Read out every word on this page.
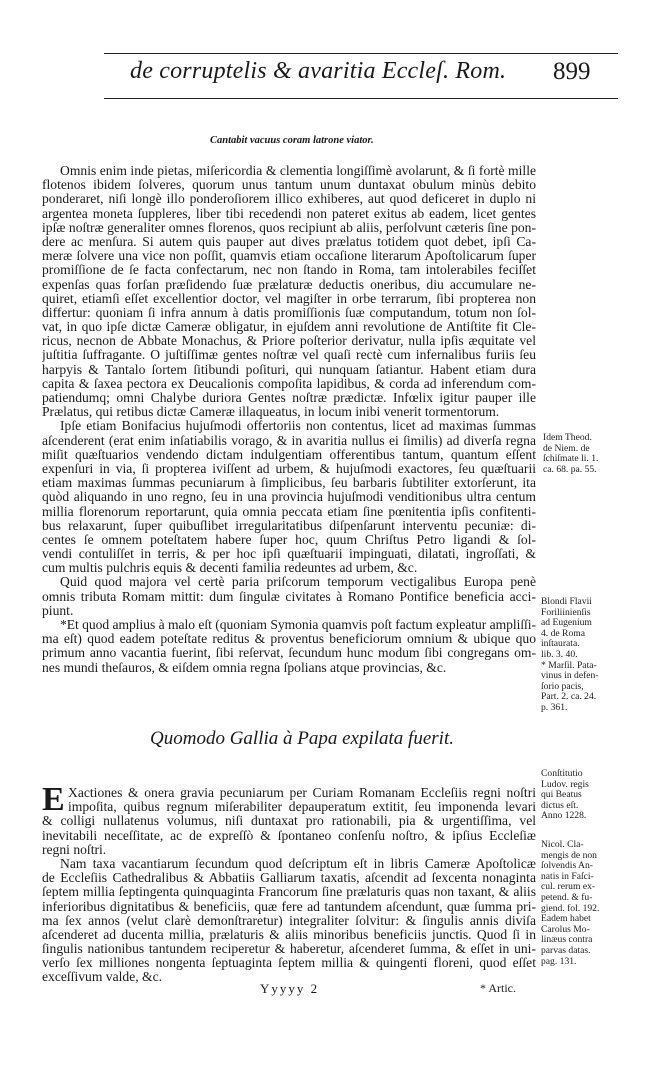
de corruptelis & avaritia Eccleſ. Rom. 899
Cantabit vacuus coram latrone viator.
Omnis enim inde pietas, miſericordia & clementia longiſſimè avolarunt, & ſi fortè mille
flotenos ibidem ſolveres, quorum unus tantum unum duntaxat obulum minùs debito
ponderaret, niſi longè illo ponderoſiorem illico exhiberes, aut quod deficeret in duplo ni
argentea moneta ſuppleres, liber tibi recedendi non pateret exitus ab eadem, licet gentes
ipſæ noſtræ generaliter omnes florenos, quos recipiunt ab aliis, perſolvunt cæteris ſine pon-
dere ac menſura. Si autem quis pauper aut dives prælatus totidem quot debet, ipſi Ca-
meræ ſolvere una vice non poſſit, quamvis etiam occaſione literarum Apoſtolicarum ſuper
promiſſione de ſe facta confectarum, nec non ſtando in Roma, tam intolerabiles feciſſet
expenſas quas forſan præſidendo ſuæ prælaturæ deductis oneribus, diu accumulare ne-
quiret, etiamſi eſſet excellentior doctor, vel magiſter in orbe terrarum, ſibi propterea non
differtur: quoniam ſi infra annum à datis promiſſionis ſuæ computandum, totum non ſol-
vat, in quo ipſe dictæ Cameræ obligatur, in ejuſdem anni revolutione de Antiſtite fit Cle-
ricus, necnon de Abbate Monachus, & Priore poſterior derivatur, nulla ipſis æquitate vel
juſtitia ſuffragante. O juſtiſſimæ gentes noſtræ vel quaſi rectè cum infernalibus furiis ſeu
harpyis & Tantalo ſortem ſitibundi poſituri, qui nunquam ſatiantur. Habent etiam dura
capita & ſaxea pectora ex Deucalionis compoſita lapidibus, & corda ad inferendum com-
patiendumq; omni Chalybe duriora Gentes noſtræ prædictæ. Infœlix igitur pauper ille
Prælatus, qui retibus dictæ Cameræ illaqueatus, in locum inibi venerit tormentorum.
Ipſe etiam Bonifacius hujuſmodi offertoriis non contentus, licet ad maximas ſummas
aſcenderent (erat enim inſatiabilis vorago, & in avaritia nullus ei ſimilis) ad diverſa regna
miſit quæſtuarios vendendo dictam indulgentiam offerentibus tantum, quantum eſſent
expenſuri in via, ſi propterea iviſſent ad urbem, & hujuſmodi exactores, ſeu quæſtuarii
etiam maximas ſummas pecuniarum à ſimplicibus, ſeu barbaris ſubtiliter extorſerunt, ita
quòd aliquando in uno regno, ſeu in una provincia hujuſmodi venditionibus ultra centum
millia florenorum reportarunt, quia omnia peccata etiam ſine pœnitentia ipſis confitenti-
bus relaxarunt, ſuper quibuſlibet irregularitatibus diſpenſarunt interventu pecuniæ: di-
centes ſe omnem poteſtatem habere ſuper hoc, quum Chriſtus Petro ligandi & ſol-
vendi contuliſſet in terris, & per hoc ipſi quæſtuarii impinguati, dilatati, ingroſſati, &
cum multis pulchris equis & decenti familia redeuntes ad urbem, &c.
Quid quod majora vel certè paria priſcorum temporum vectigalibus Europa penè
omnis tributa Romam mittit: dum ſingulæ civitates à Romano Pontifice beneficia acci-
piunt.
*Et quod amplius à malo eſt (quoniam Symonia quamvis poſt factum expleatur ampliſſi-
ma eſt) quod eadem poteſtate reditus & proventus beneficiorum omnium & ubique quo
primum anno vacantia fuerint, ſibi reſervat, ſecundum hunc modum ſibi congregans om-
nes mundi theſauros, & eiſdem omnia regna ſpolians atque provincias, &c.
Quomodo Gallia à Papa expilata fuerit.
E Xactiones & onera gravia pecuniarum per Curiam Romanam Eccleſiis regni noſtri
impoſita, quibus regnum miſerabiliter depauperatum extitit, ſeu imponenda levari
& colligi nullatenus volumus, niſi duntaxat pro rationabili, pia & urgentiſſima, vel
inevitabili neceſſitate, ac de expreſſò & ſpontaneo conſenſu noſtro, & ipſius Eccleſiæ
regni noſtri.
Nam taxa vacantiarum ſecundum quod deſcriptum eſt in libris Cameræ Apoſtolicæ
de Eccleſiis Cathedralibus & Abbatiis Galliarum taxatis, aſcendit ad ſexcenta nonaginta
ſeptem millia ſeptingenta quinquaginta Francorum ſine prælaturis quas non taxant, & aliis
inferioribus dignitatibus & beneficiis, quæ fere ad tantundem aſcendunt, quæ ſumma pri-
ma ſex annos (velut clarè demonſtraretur) integraliter ſolvitur: & ſingulis annis diviſa
aſcenderet ad ducenta millia, prælaturis & aliis minoribus beneficiis junctis. Quod ſi in
ſingulis nationibus tantundem reciperetur & haberetur, aſcenderet ſumma, & eſſet in uni-
verſo ſex milliones nongenta ſeptuaginta ſeptem millia & quingenti floreni, quod eſſet
exceſſivum valde, &c.
Idem Theod.
de Niem. de
ſchiſmate li. 1.
ca. 68. pa. 55.
Blondi Flavii
Foriliinienſis
ad Eugenium
4. de Roma
inſtaurata.
lib. 3. 40.
* Marſil. Pata-
vinus in defen-
ſorio pacis,
Part. 2. ca. 24.
p. 361.
Conſtitutio
Ludov. regis
qui Beatus
dictus eſt.
Anno 1228.
Nicol. Cla-
mengis de non
ſolvendis An-
natis in Faſci-
cul. rerum ex-
petend. & fu-
giend. fol. 192.
Eadem habet
Carolus Mo-
linæus contra
parvas datas.
pag. 131.
Yyyyy 2	* Artic.
